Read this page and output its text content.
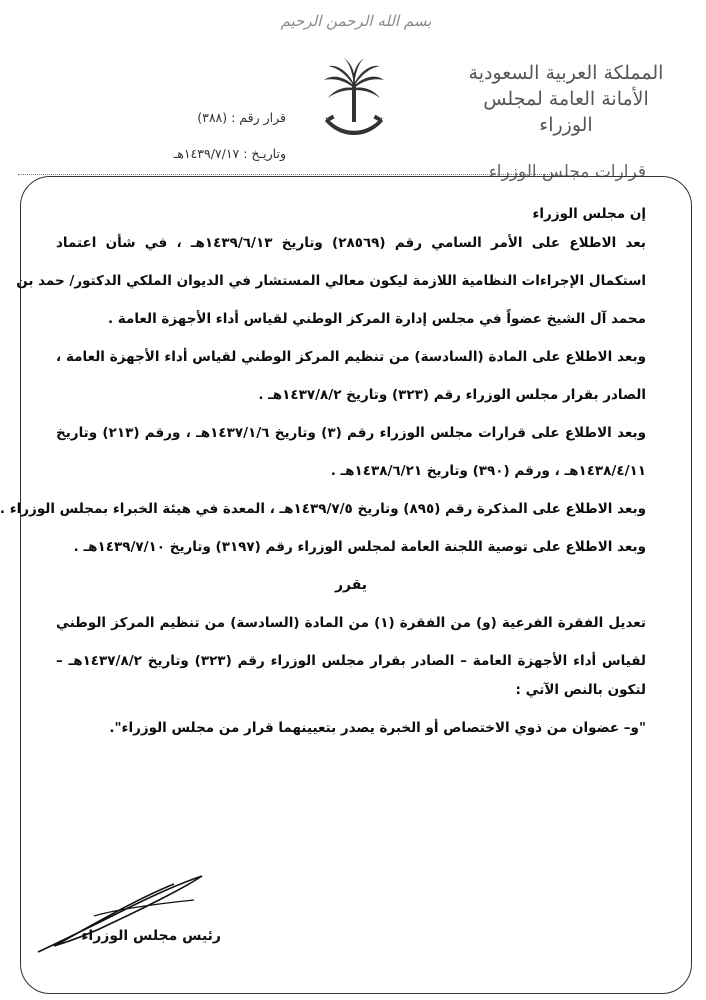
بسم الله الرحمن الرحيم
المملكة العربية السعودية
الأمانة العامة لمجلس الوزراء
قرار رقم : (٣٨٨)
وتاريـخ : ١٤٣٩/٧/١٧هـ
قرارات مجلس الوزراء
إن مجلس الوزراء
بعد الاطلاع على الأمر السامي رقم (٢٨٥٦٩) وتاريخ ١٤٣٩/٦/١٣هـ ، في شأن اعتماد
استكمال الإجراءات النظامية اللازمة ليكون معالي المستشار في الديوان الملكي الدكتور/ حمد بن
محمد آل الشيخ عضواً في مجلس إدارة المركز الوطني لقياس أداء الأجهزة العامة .
وبعد الاطلاع على المادة (السادسة) من تنظيم المركز الوطني لقياس أداء الأجهزة العامة ،
الصادر بقرار مجلس الوزراء رقم (٣٢٣) وتاريخ ١٤٣٧/٨/٢هـ .
وبعد الاطلاع على قرارات مجلس الوزراء رقم (٣) وتاريخ ١٤٣٧/١/٦هـ ، ورقم (٢١٣) وتاريخ
١٤٣٨/٤/١١هـ ، ورقم (٣٩٠) وتاريخ ١٤٣٨/٦/٢١هـ .
وبعد الاطلاع على المذكرة رقم (٨٩٥) وتاريخ ١٤٣٩/٧/٥هـ ، المعدة في هيئة الخبراء بمجلس الوزراء .
وبعد الاطلاع على توصية اللجنة العامة لمجلس الوزراء رقم (٣١٩٧) وتاريخ ١٤٣٩/٧/١٠هـ .
يقرر
تعديل الفقرة الفرعية (و) من الفقرة (١) من المادة (السادسة) من تنظيم المركز الوطني
لقياس أداء الأجهزة العامة – الصادر بقرار مجلس الوزراء رقم (٣٢٣) وتاريخ ١٤٣٧/٨/٢هـ –
لتكون بالنص الآتي :
"و– عضوان من ذوي الاختصاص أو الخبرة يصدر بتعيينهما قرار من مجلس الوزراء".
رئيس مجلس الوزراء
